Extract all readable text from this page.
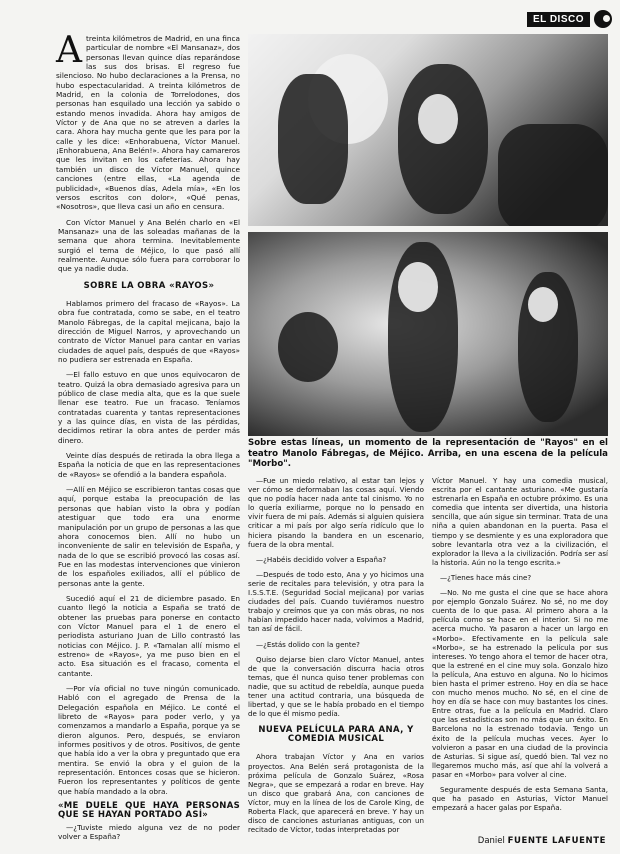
EL DISCO
A treinta kilómetros de Madrid, en una finca particular de nombre «El Mansanaz», dos personas llevan quince días reparándose las sus dos brisas. El regreso fue silencioso. No hubo declaraciones a la Prensa, no hubo espectacularidad. A treinta kilómetros de Madrid, en la colonia de Torrelodones, dos personas han esquilado una lección ya sabido o estando menos invadida. Ahora hay amigos de Víctor y de Ana que no se atreven a darles la cara. Ahora hay mucha gente que les para por la calle y les dice: «Enhorabuena, Víctor Manuel. ¡Enhorabuena, Ana Belén!». Ahora hay camareros que les invitan en los cafeterías. Ahora hay también un disco de Víctor Manuel, quince canciones (entre ellas, «La agenda de publicidad», «Buenos días, Adela mía», «En los versos escritos con dolor», «Qué penas, «Nosotros», que lleva casi un año en censura.

Con Víctor Manuel y Ana Belén charlo en «El Mansanaz» una de las soleadas mañanas de la semana que ahora termina. Inevitablemente surgió el tema de Méjico, lo que pasó allí realmente. Aunque sólo fuera para corroborar lo que ya nadie duda.

SOBRE LA OBRA «RAYOS»

Hablamos primero del fracaso de «Rayos». La obra fue contratada, como se sabe, en el teatro Manolo Fábregas, de la capital mejicana, bajo la dirección de Miguel Narros, y aprovechando un contrato de Víctor Manuel para cantar en varias ciudades de aquel país, después de que «Rayos» no pudiera ser estrenada en España.

—El fallo estuvo en que unos equivocaron de teatro. Quizá la obra demasiado agresiva para un público de clase media alta, que es la que suele llenar ese teatro. Fue un fracaso. Teníamos contratadas cuarenta y tantas representaciones y a las quince días, en vista de las pérdidas, decidimos retirar la obra antes de perder más dinero.

Veinte días después de retirada la obra llega a España la noticia de que en las representaciones de «Rayos» se ofendió a la bandera española.

—Allí en Méjico se escribieron tantas cosas que aquí, porque estaba la preocupación de las personas que habían visto la obra y podían atestiguar que todo era una enorme manipulación por un grupo de personas a las que ahora conocemos bien. Allí no hubo un inconveniente de salir en televisión de España, y nada de lo que se escribió provocó las cosas así. Fue en las modestas intervenciones que vinieron de los españoles exiliados, allí el público de personas ante la gente.

Sucedió aquí el 21 de diciembre pasado. En cuanto llegó la noticia a España se trató de obtener las pruebas para ponerse en contacto con Víctor Manuel para el 1 de enero el periodista asturiano Juan de Lillo contrastó las noticias con Méjico. J. P. «Tamalan allí mismo el estreno» de «Rayos», ya me puso bien en el acto. Esa situación es el fracaso, comenta el cantante.

—Por vía oficial no tuve ningún comunicado. Habló con el agregado de Prensa de la Delegación española en Méjico. Le conté el libreto de «Rayos» para poder verlo, y ya comenzamos a mandarlo a España, porque ya se dieron algunos. Pero, después, se enviaron informes positivos y de otros. Positivos, de gente que había ido a ver la obra y preguntado que era mentira. Se envió la obra y el guion de la representación. Entonces cosas que se hicieron. Fueron los representantes y políticos de gente que había mandado a la obra.

«ME DUELE QUE HAYA PERSONAS QUE SE HAYAN PORTADO ASÍ»

—¿Tuviste miedo alguna vez de no poder volver a España?

Sobre estas líneas, un momento de la representación de "Rayos" en el teatro Manolo Fábregas, de Méjico. Arriba, en una escena de la película "Morbo".

—Fue un miedo relativo, al estar tan lejos y ver cómo se deformaban las cosas aquí. Viendo que no podía hacer nada ante tal cinismo. Yo no lo quería exiliarme, porque no lo pensado en vivir fuera de mi país. Además si alguien quisiera criticar a mi país por algo sería ridículo que lo hiciera pisando la bandera en un escenario, fuera de la obra mental.

—¿Habéis decidido volver a España?

—Después de todo esto, Ana y yo hicimos una serie de recitales para televisión, y otra para la I.S.S.T.E. (Seguridad Social mejicana) por varias ciudades del país. Cuando tuviéramos nuestro trabajo y creímos que ya con más obras, no nos habían impedido hacer nada, volvimos a Madrid, tan así de fácil.

—¿Estás dolido con la gente?

Quiso dejarse bien claro Víctor Manuel, antes de que la conversación discurra hacia otros temas, que él nunca quiso tener problemas con nadie, que su actitud de rebeldía, aunque pueda tener una actitud contraria, una búsqueda de libertad, y que se le había probado en el tiempo de lo que él mismo pedía.

NUEVA PELÍCULA PARA ANA, Y COMEDIA MUSICAL

Ahora trabajan Víctor y Ana en varios proyectos. Ana Belén será protagonista de la próxima película de Gonzalo Suárez, «Rosa Negra», que se empezará a rodar en breve. Hay un disco que grabará Ana, con canciones de Víctor, muy en la línea de los de Carole King, de Roberta Flack, que aparecerá en breve. Y hay un disco de canciones asturianas antiguas, con un recitado de Víctor, todas interpretadas por

Víctor Manuel. Y hay una comedia musical, escrita por el cantante asturiano. «Me gustaría estrenarla en España en octubre próximo. Es una comedia que intenta ser divertida, una historia sencilla, que aún sigue sin terminar. Trata de una niña a quien abandonan en la puerta. Pasa el tiempo y se desmiente y es una exploradora que sobre levantarla otra vez a la civilización, el explorador la lleva a la civilización. Podría ser así la historia. Aún no la tengo escrita.»

—¿Tienes hace más cine?

—No. No me gusta el cine que se hace ahora por ejemplo Gonzalo Suárez. No sé, no me doy cuenta de lo que pasa. Al primero ahora a la película como se hace en el interior. Si no me acerca mucho. Ya pasaron a hacer un largo en «Morbo». Efectivamente en la película sale «Morbo», se ha estrenado la película por sus intereses. Yo tengo ahora el temor de hacer otra, que la estrené en el cine muy sola. Gonzalo hizo la película, Ana estuvo en alguna. No lo hicimos bien hasta el primer estreno. Hoy en día se hace con mucho menos mucho. No sé, en el cine de hoy en día se hace con muy bastantes los cines. Entre otras, fue a la película en Madrid. Claro que las estadísticas son no más que un éxito. En Barcelona no la estrenado todavía. Tengo un éxito de la película muchas veces. Ayer lo volvieron a pasar en una ciudad de la provincia de Asturias. Si sigue así, quedó bien. Tal vez no llegaremos mucho más, así que ahí la volverá a pasar en «Morbo» para volver al cine.

Seguramente después de esta Semana Santa, que ha pasado en Asturias, Víctor Manuel empezará a hacer galas por España.

Daniel FUENTE LAFUENTE
